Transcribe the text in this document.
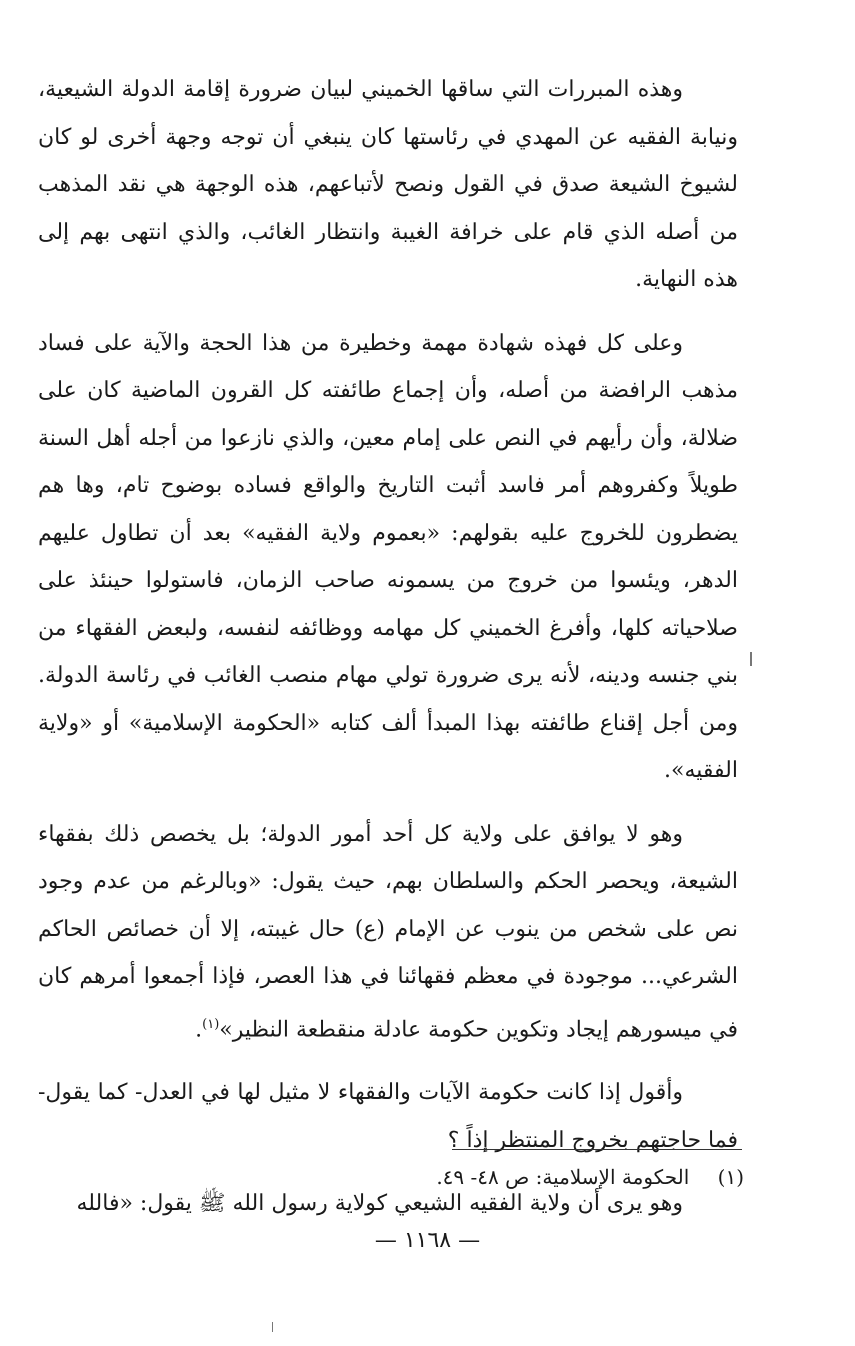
وهذه المبررات التي ساقها الخميني لبيان ضرورة إقامة الدولة الشيعية، ونيابة الفقيه عن المهدي في رئاستها كان ينبغي أن توجه وجهة أخرى لو كان لشيوخ الشيعة صدق في القول ونصح لأتباعهم، هذه الوجهة هي نقد المذهب من أصله الذي قام على خرافة الغيبة وانتظار الغائب، والذي انتهى بهم إلى هذه النهاية.

وعلى كل فهذه شهادة مهمة وخطيرة من هذا الحجة والآية على فساد مذهب الرافضة من أصله، وأن إجماع طائفته كل القرون الماضية كان على ضلالة، وأن رأيهم في النص على إمام معين، والذي نازعوا من أجله أهل السنة طويلاً وكفروهم أمر فاسد أثبت التاريخ والواقع فساده بوضوح تام، وها هم يضطرون للخروج عليه بقولهم: «بعموم ولاية الفقيه» بعد أن تطاول عليهم الدهر، ويئسوا من خروج من يسمونه صاحب الزمان، فاستولوا حينئذ على صلاحياته كلها، وأفرغ الخميني كل مهامه ووظائفه لنفسه، ولبعض الفقهاء من بني جنسه ودينه، لأنه يرى ضرورة تولي مهام منصب الغائب في رئاسة الدولة. ومن أجل إقناع طائفته بهذا المبدأ ألف كتابه «الحكومة الإسلامية» أو «ولاية الفقيه».

وهو لا يوافق على ولاية كل أحد أمور الدولة؛ بل يخصص ذلك بفقهاء الشيعة، ويحصر الحكم والسلطان بهم، حيث يقول: «وبالرغم من عدم وجود نص على شخص من ينوب عن الإمام (ع) حال غيبته، إلا أن خصائص الحاكم الشرعي... موجودة في معظم فقهائنا في هذا العصر، فإذا أجمعوا أمرهم كان في ميسورهم إيجاد وتكوين حكومة عادلة منقطعة النظير»$^{(١)}$.

وأقول إذا كانت حكومة الآيات والفقهاء لا مثيل لها في العدل- كما يقول- فما حاجتهم بخروج المنتظر إذاً ؟

وهو يرى أن ولاية الفقيه الشيعي كولاية رسول الله ﷺ يقول: «فالله

(١) الحكومة الإسلامية: ص ٤٨- ٤٩.
— ١١٦٨ —
